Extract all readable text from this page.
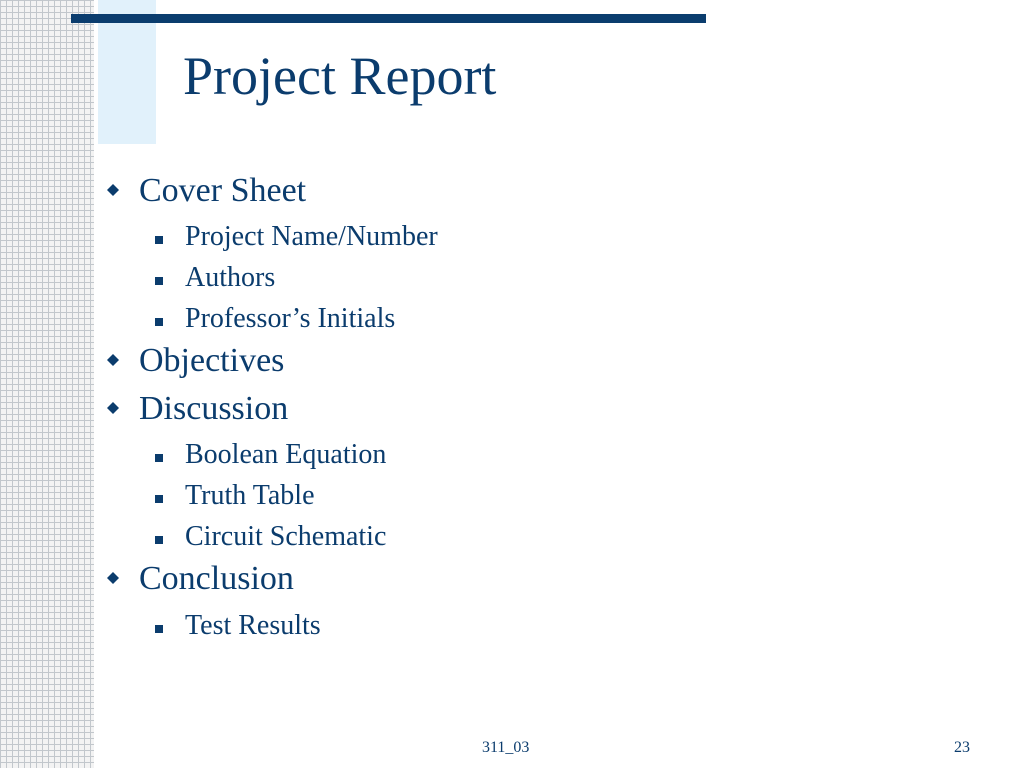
Project Report
Cover Sheet
Project Name/Number
Authors
Professor’s Initials
Objectives
Discussion
Boolean Equation
Truth Table
Circuit Schematic
Conclusion
Test Results
311_03	23
